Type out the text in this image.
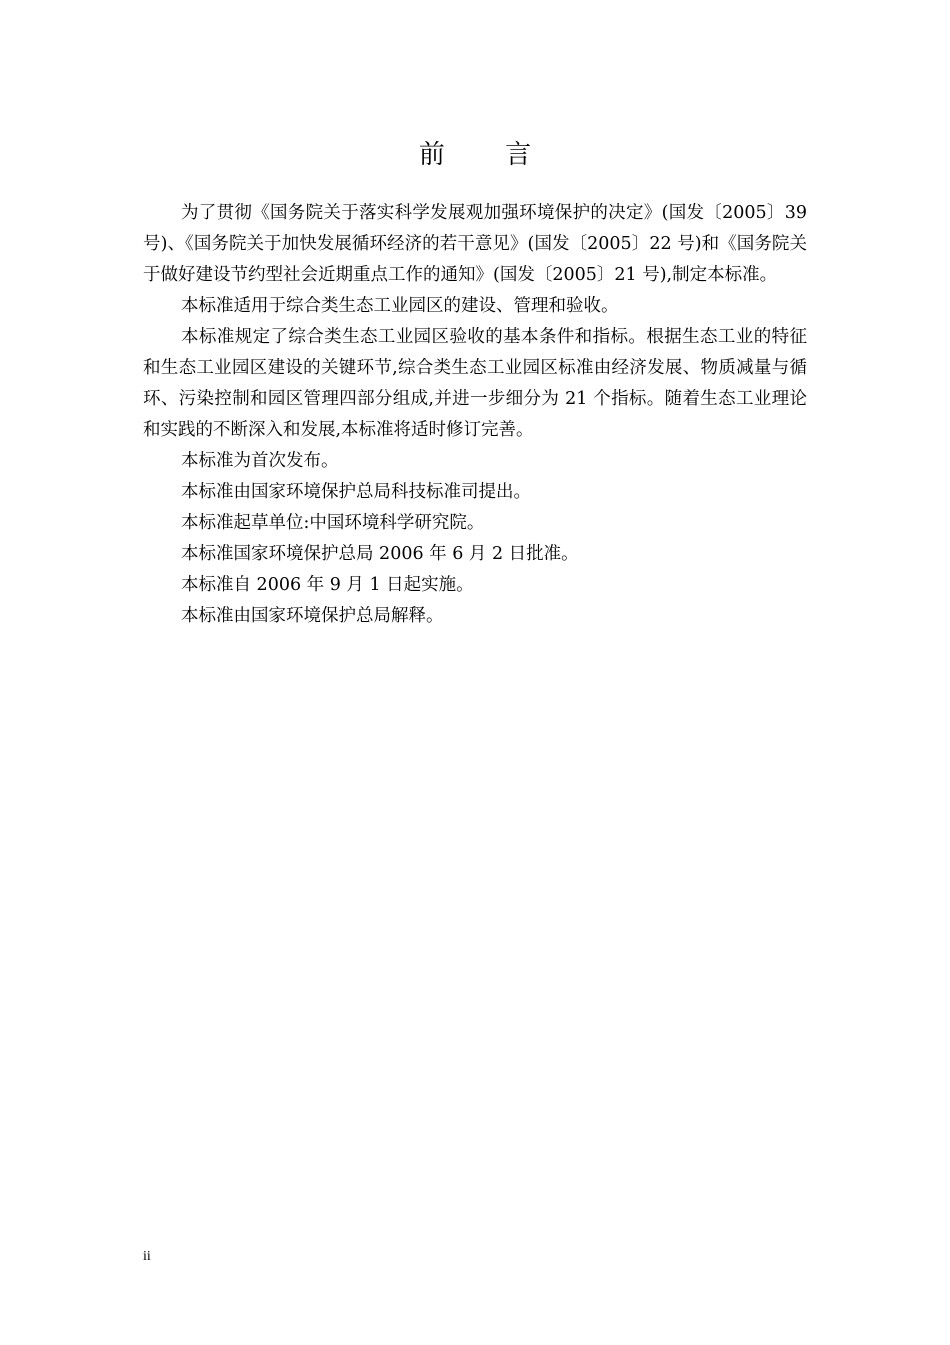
前 言

为了贯彻《国务院关于落实科学发展观加强环境保护的决定》(国发〔2005〕39 号)、《国务院关于加快发展循环经济的若干意见》(国发〔2005〕22 号)和《国务院关于做好建设节约型社会近期重点工作的通知》(国发〔2005〕21 号),制定本标准。

本标准适用于综合类生态工业园区的建设、管理和验收。

本标准规定了综合类生态工业园区验收的基本条件和指标。根据生态工业的特征和生态工业园区建设的关键环节,综合类生态工业园区标准由经济发展、物质减量与循环、污染控制和园区管理四部分组成,并进一步细分为 21 个指标。随着生态工业理论和实践的不断深入和发展,本标准将适时修订完善。

本标准为首次发布。

本标准由国家环境保护总局科技标准司提出。

本标准起草单位:中国环境科学研究院。

本标准国家环境保护总局 2006 年 6 月 2 日批准。

本标准自 2006 年 9 月 1 日起实施。

本标准由国家环境保护总局解释。

ii
